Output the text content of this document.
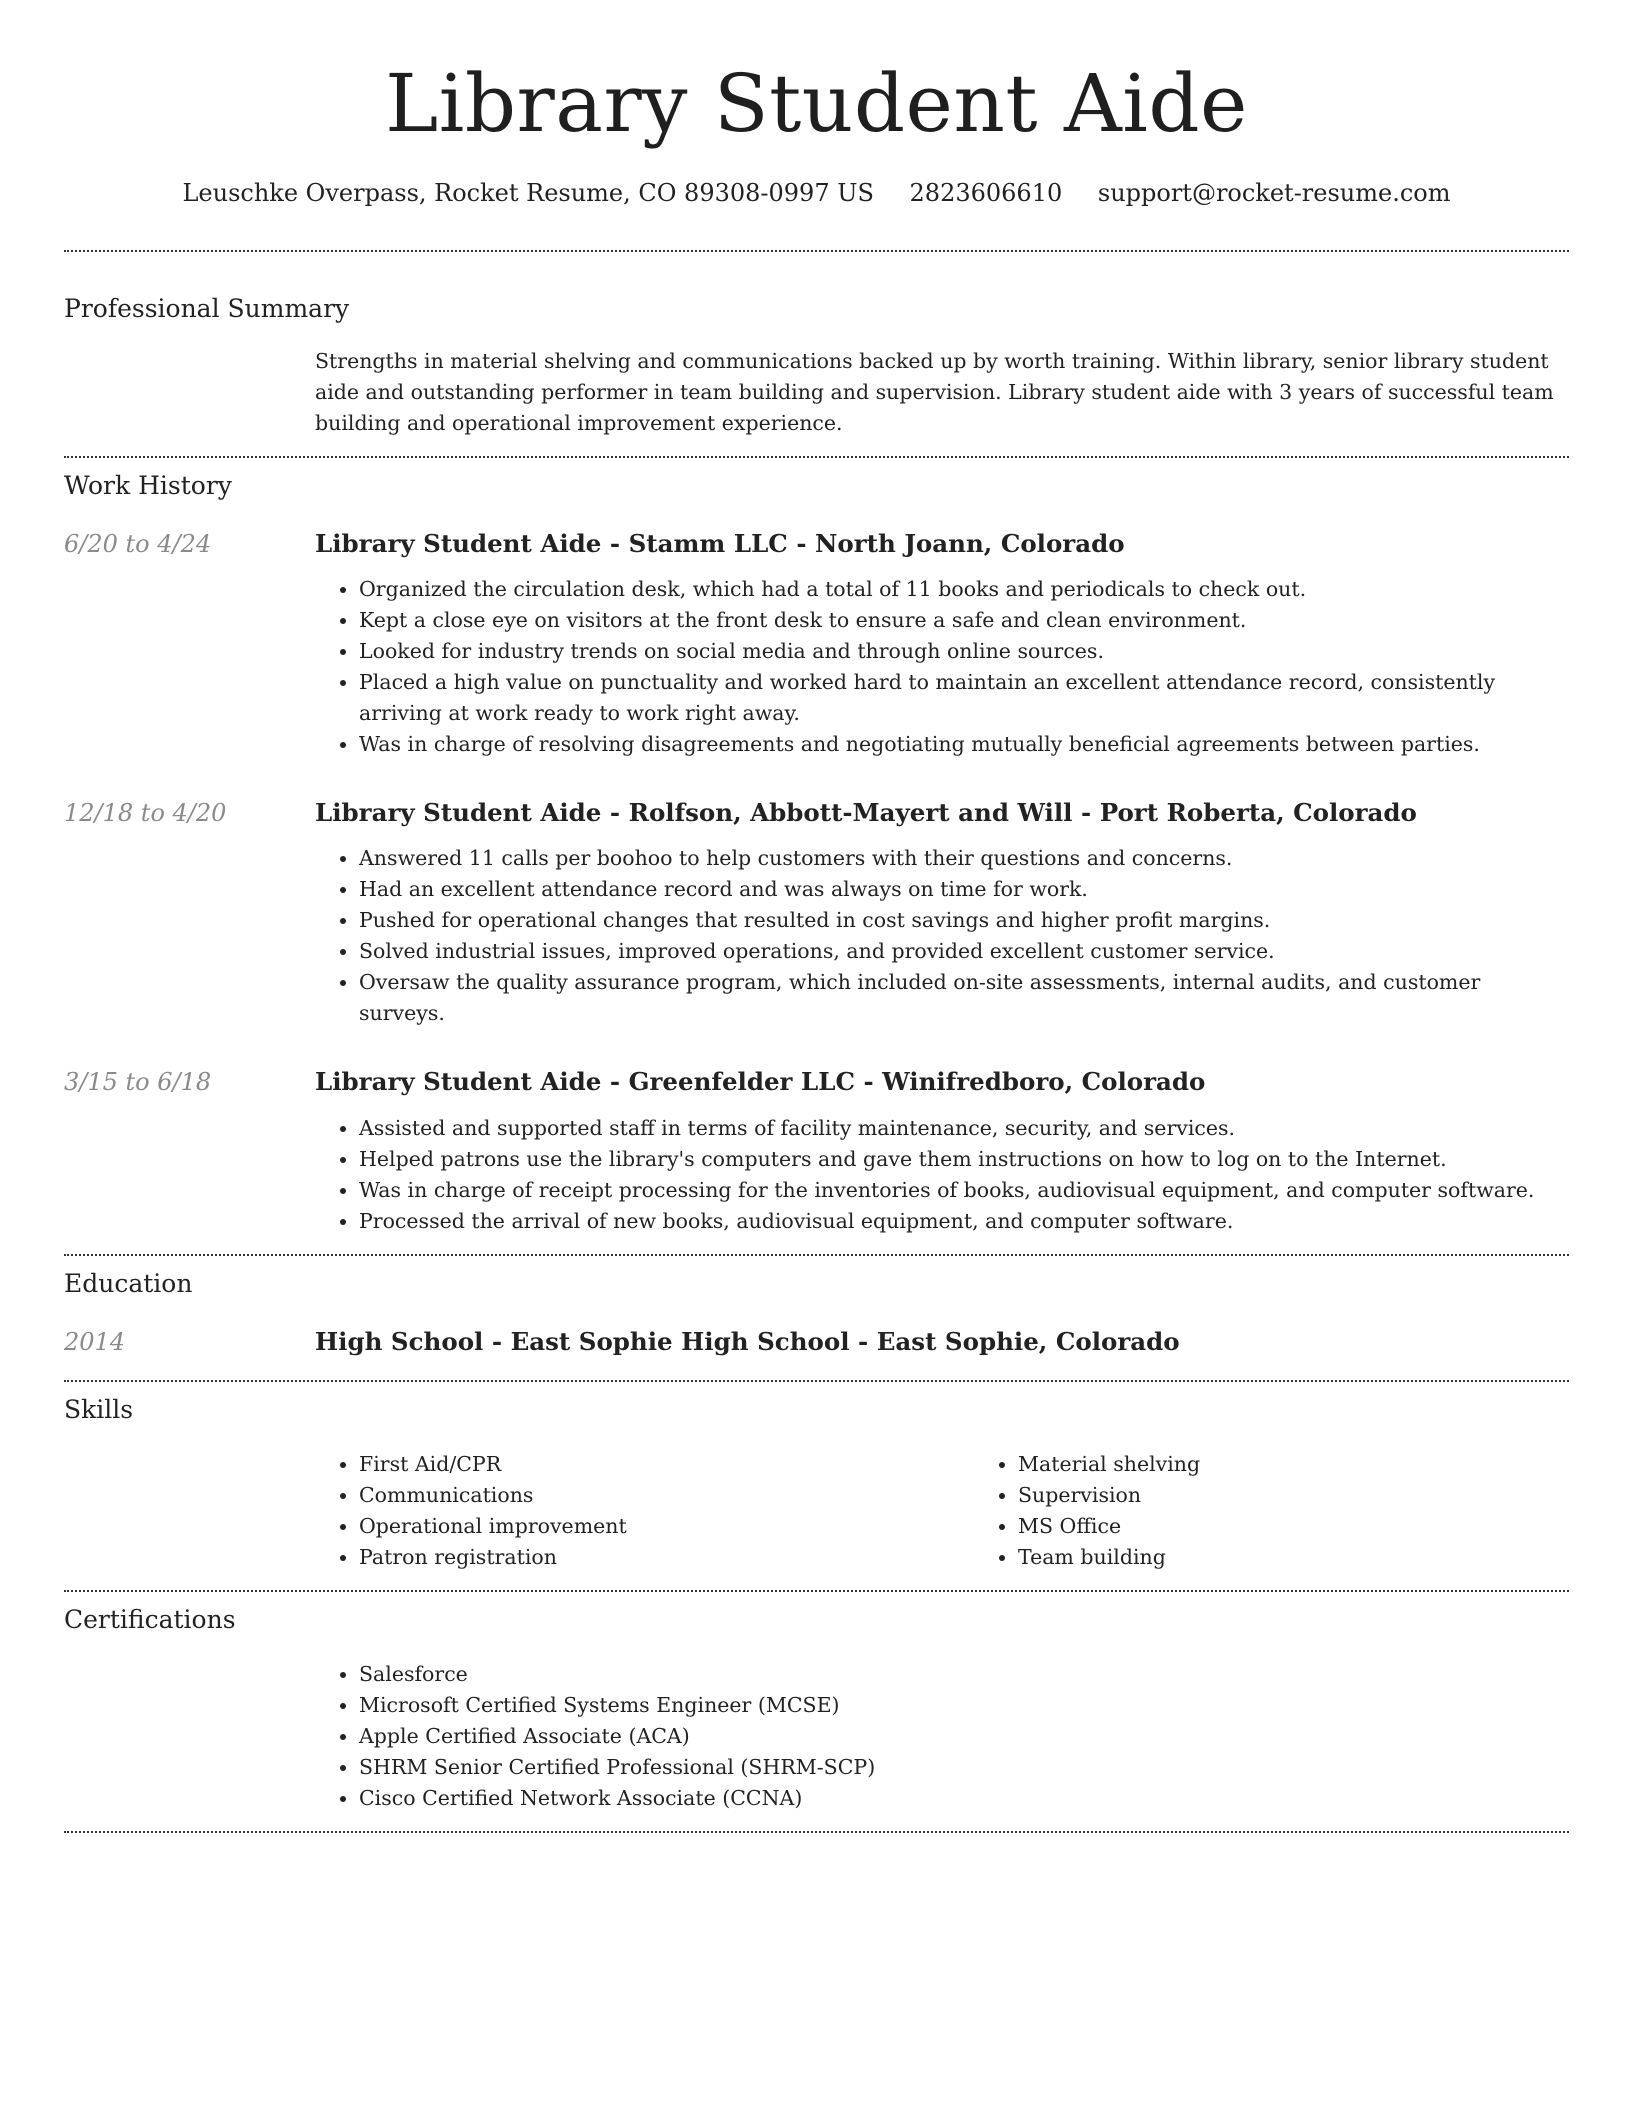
Library Student Aide
Leuschke Overpass, Rocket Resume, CO 89308-0997 US 2823606610 support@rocket-resume.com
Professional Summary

Strengths in material shelving and communications backed up by worth training. Within library, senior library student aide and outstanding performer in team building and supervision. Library student aide with 3 years of successful team building and operational improvement experience.

Work History
6/20 to 4/24	Library Student Aide - Stamm LLC - North Joann, Colorado
• Organized the circulation desk, which had a total of 11 books and periodicals to check out.
• Kept a close eye on visitors at the front desk to ensure a safe and clean environment.
• Looked for industry trends on social media and through online sources.
• Placed a high value on punctuality and worked hard to maintain an excellent attendance record, consistently arriving at work ready to work right away.
• Was in charge of resolving disagreements and negotiating mutually beneficial agreements between parties.
12/18 to 4/20	Library Student Aide - Rolfson, Abbott-Mayert and Will - Port Roberta, Colorado
• Answered 11 calls per boohoo to help customers with their questions and concerns.
• Had an excellent attendance record and was always on time for work.
• Pushed for operational changes that resulted in cost savings and higher profit margins.
• Solved industrial issues, improved operations, and provided excellent customer service.
• Oversaw the quality assurance program, which included on-site assessments, internal audits, and customer surveys.
3/15 to 6/18	Library Student Aide - Greenfelder LLC - Winifredboro, Colorado
• Assisted and supported staff in terms of facility maintenance, security, and services.
• Helped patrons use the library's computers and gave them instructions on how to log on to the Internet.
• Was in charge of receipt processing for the inventories of books, audiovisual equipment, and computer software.
• Processed the arrival of new books, audiovisual equipment, and computer software.
Education
2014	High School - East Sophie High School - East Sophie, Colorado
Skills
• First Aid/CPR
• Communications
• Operational improvement
• Patron registration
• Material shelving
• Supervision
• MS Office
• Team building
Certifications
• Salesforce
• Microsoft Certified Systems Engineer (MCSE)
• Apple Certified Associate (ACA)
• SHRM Senior Certified Professional (SHRM-SCP)
• Cisco Certified Network Associate (CCNA)
